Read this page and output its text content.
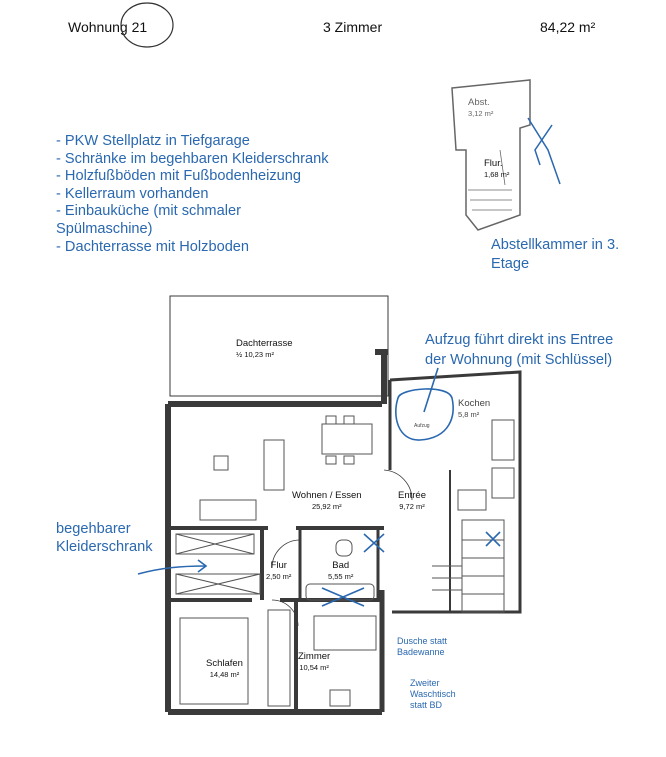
Wohnung 21	3 Zimmer	84,22 m²
- PKW Stellplatz in Tiefgarage
- Schränke im begehbaren Kleiderschrank
- Holzfußböden mit Fußbodenheizung
- Kellerraum vorhanden
- Einbauküche (mit schmaler
Spülmaschine)
- Dachterrasse mit Holzboden
Abst.
3,12 m²
Flur.
1,68 m²
Abstellkammer in 3.
Etage
Aufzug führt direkt ins Entree
der Wohnung (mit Schlüssel)
begehbarer
Kleiderschrank
Dusche statt
Badewanne
Zweiter
Waschtisch
statt BD
Dachterrasse
½ 10,23 m²
Wohnen / Essen
25,92 m²
Kochen
5,8 m²
Entrée
9,72 m²
Flur
2,50 m²
Bad
5,55 m²
Schlafen
14,48 m²
Zimmer
10,54 m²
Aufzug
